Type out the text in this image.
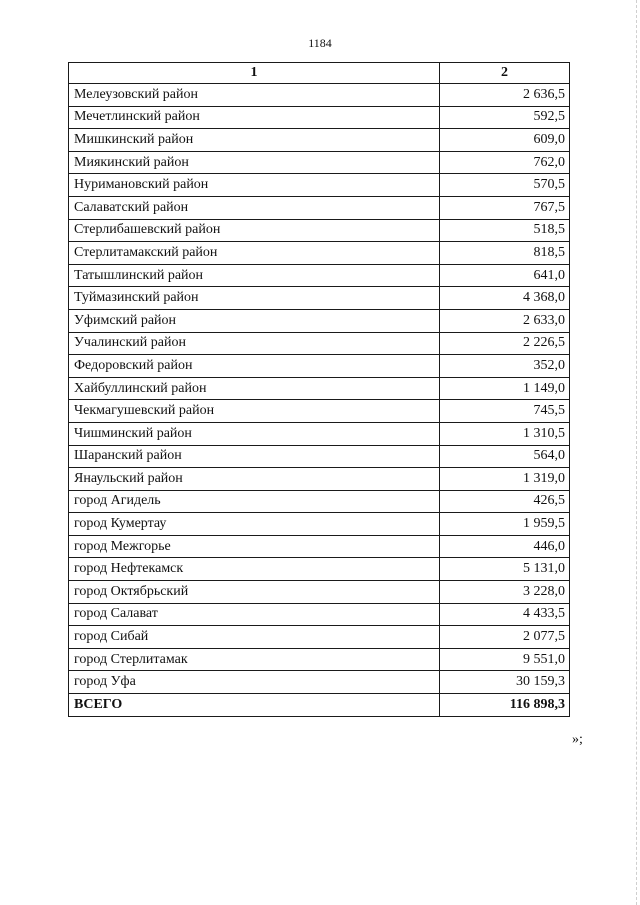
1184
1	2
Мелеузовский район	2 636,5
Мечетлинский район	592,5
Мишкинский район	609,0
Миякинский район	762,0
Нуримановский район	570,5
Салаватский район	767,5
Стерлибашевский район	518,5
Стерлитамакский район	818,5
Татышлинский район	641,0
Туймазинский район	4 368,0
Уфимский район	2 633,0
Учалинский район	2 226,5
Федоровский район	352,0
Хайбуллинский район	1 149,0
Чекмагушевский район	745,5
Чишминский район	1 310,5
Шаранский район	564,0
Янаульский район	1 319,0
город Агидель	426,5
город Кумертау	1 959,5
город Межгорье	446,0
город Нефтекамск	5 131,0
город Октябрьский	3 228,0
город Салават	4 433,5
город Сибай	2 077,5
город Стерлитамак	9 551,0
город Уфа	30 159,3
ВСЕГО	116 898,3
»;
